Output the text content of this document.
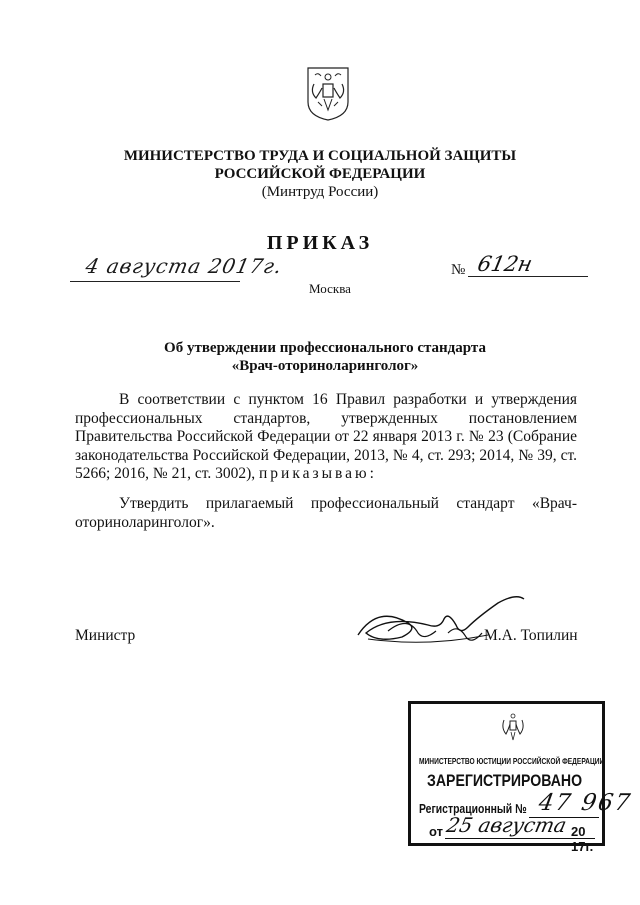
МИНИСТЕРСТВО ТРУДА И СОЦИАЛЬНОЙ ЗАЩИТЫ
РОССИЙСКОЙ ФЕДЕРАЦИИ
(Минтруд России)
ПРИКАЗ
4 августа 2017г.	№ 612н
Москва
Об утверждении профессионального стандарта
«Врач-оториноларинголог»

В соответствии с пунктом 16 Правил разработки и утверждения профессиональных стандартов, утвержденных постановлением Правительства Российской Федерации от 22 января 2013 г. № 23 (Собрание законодательства Российской Федерации, 2013, № 4, ст. 293; 2014, № 39, ст. 5266; 2016, № 21, ст. 3002), приказываю:

Утвердить прилагаемый профессиональный стандарт «Врач-оториноларинголог».

Министр	М.А. Топилин
МИНИСТЕРСТВО ЮСТИЦИИ РОССИЙСКОЙ ФЕДЕРАЦИИ
ЗАРЕГИСТРИРОВАНО
Регистрационный № 47 967
от 25 августа 20 17г.
